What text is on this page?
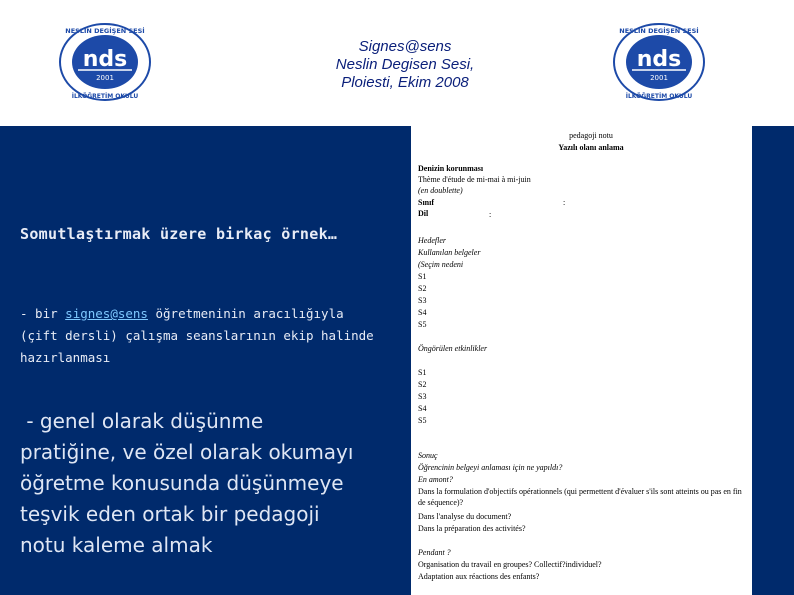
nds
2001
NESLİN DEGİŞEN SESİ
İLKÖĞRETİM OKULU
Signes@sens
Neslin Degisen Sesi,
Ploiesti, Ekim 2008
nds
2001
NESLİN DEGİŞEN SESİ
İLKÖĞRETİM OKULU
Somutlaştırmak üzere birkaç örnek…
- bir signes@sens öğretmeninin aracılığıyla
(çift dersli) çalışma seanslarının ekip halinde
hazırlanması
- genel olarak düşünme
pratiğine, ve özel olarak okumayı
öğretme konusunda düşünmeye
teşvik eden ortak bir pedagoji
notu kaleme almak
pedagoji notu
Yazılı olanı anlama
Denizin korunması
Thème d'étude de mi-mai à mi-juin
(en doublette)
Sınıf	:
Dil	:
Hedefler
Kullanılan belgeler
(Seçim nedeni
S1
S2
S3
S4
S5
Öngörülen etkinlikler
S1
S2
S3
S4
S5
Sonuç
Öğrencinin belgeyi anlaması için ne yapıldı?
En amont?
Dans la formulation d'objectifs opérationnels (qui permettent d'évaluer s'ils sont atteints ou pas en fin de séquence)?
Dans l'analyse du document?
Dans la préparation des activités?
Pendant ?
Organisation du travail en groupes? Collectif?individuel?
Adaptation aux réactions des enfants?
